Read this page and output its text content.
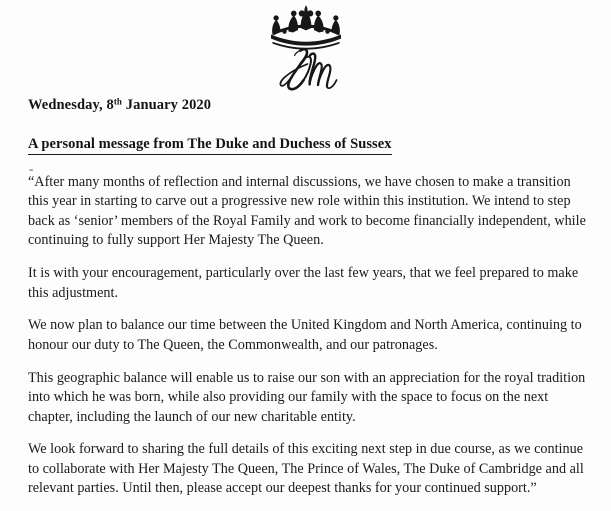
Wednesday, 8th January 2020

A personal message from The Duke and Duchess of Sussex
-

“After many months of reflection and internal discussions, we have chosen to make a transition this year in starting to carve out a progressive new role within this institution. We intend to step back as ‘senior’ members of the Royal Family and work to become financially independent, while continuing to fully support Her Majesty The Queen.

It is with your encouragement, particularly over the last few years, that we feel prepared to make this adjustment.

We now plan to balance our time between the United Kingdom and North America, continuing to honour our duty to The Queen, the Commonwealth, and our patronages.

This geographic balance will enable us to raise our son with an appreciation for the royal tradition into which he was born, while also providing our family with the space to focus on the next chapter, including the launch of our new charitable entity.

We look forward to sharing the full details of this exciting next step in due course, as we continue to collaborate with Her Majesty The Queen, The Prince of Wales, The Duke of Cambridge and all relevant parties. Until then, please accept our deepest thanks for your continued support.”
